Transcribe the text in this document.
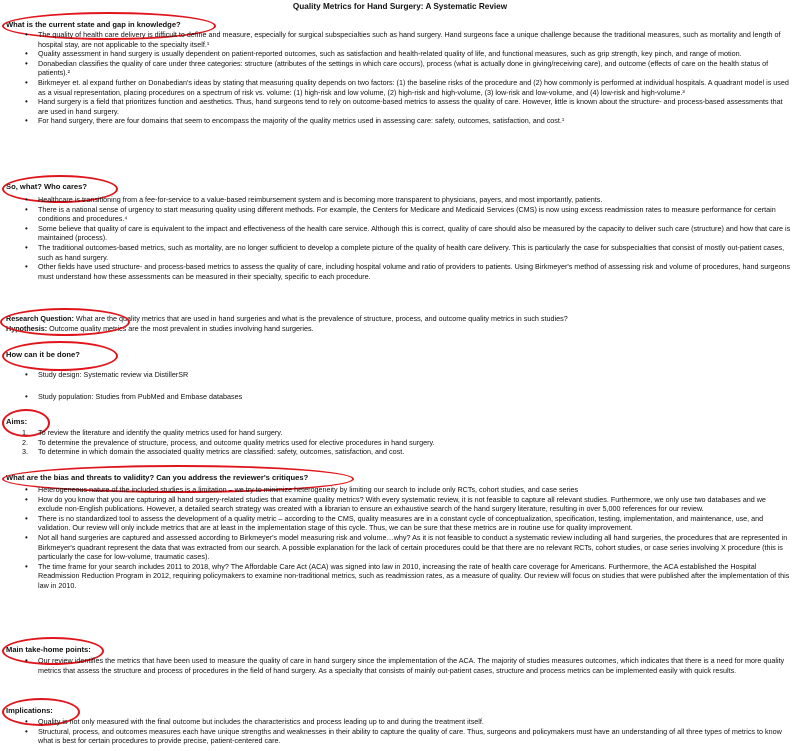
Quality Metrics for Hand Surgery: A Systematic Review
What is the current state and gap in knowledge?
• The quality of health care delivery is difficult to define and measure, especially for surgical subspecialties such as hand surgery. Hand surgeons face a unique challenge because the traditional measures, such as mortality and length of hospital stay, are not applicable to the specialty itself.¹
• Quality assessment in hand surgery is usually dependent on patient-reported outcomes, such as satisfaction and health-related quality of life, and functional measures, such as grip strength, key pinch, and range of motion.
• Donabedian classifies the quality of care under three categories: structure (attributes of the settings in which care occurs), process (what is actually done in giving/receiving care), and outcome (effects of care on the health status of patients).²
• Birkmeyer et. al expand further on Donabedian's ideas by stating that measuring quality depends on two factors: (1) the baseline risks of the procedure and (2) how commonly is performed at individual hospitals. A quadrant model is used as a visual representation, placing procedures on a spectrum of risk vs. volume: (1) high-risk and low volume, (2) high-risk and high-volume, (3) low-risk and low-volume, and (4) low-risk and high-volume.³
• Hand surgery is a field that prioritizes function and aesthetics. Thus, hand surgeons tend to rely on outcome-based metrics to assess the quality of care. However, little is known about the structure- and process-based assessments that are used in hand surgery.
• For hand surgery, there are four domains that seem to encompass the majority of the quality metrics used in assessing care: safety, outcomes, satisfaction, and cost.¹
So, what? Who cares?
• Healthcare is transitioning from a fee-for-service to a value-based reimbursement system and is becoming more transparent to physicians, payers, and most importantly, patients.
• There is a national sense of urgency to start measuring quality using different methods. For example, the Centers for Medicare and Medicaid Services (CMS) is now using excess readmission rates to measure performance for certain conditions and procedures.⁴
• Some believe that quality of care is equivalent to the impact and effectiveness of the health care service. Although this is correct, quality of care should also be measured by the capacity to deliver such care (structure) and how that care is maintained (process).
• The traditional outcomes-based metrics, such as mortality, are no longer sufficient to develop a complete picture of the quality of health care delivery. This is particularly the case for subspecialties that consist of mostly out-patient cases, such as hand surgery.
• Other fields have used structure- and process-based metrics to assess the quality of care, including hospital volume and ratio of providers to patients. Using Birkmeyer's method of assessing risk and volume of procedures, hand surgeons must understand how these assessments can be measured in their specialty, specific to each procedure.
Research Question: What are the quality metrics that are used in hand surgeries and what is the prevalence of structure, process, and outcome quality metrics in such studies?
Hypothesis: Outcome quality metrics are the most prevalent in studies involving hand surgeries.
How can it be done?
• Study design: Systematic review via DistillerSR
• Study population: Studies from PubMed and Embase databases
Aims:
1. To review the literature and identify the quality metrics used for hand surgery.
2. To determine the prevalence of structure, process, and outcome quality metrics used for elective procedures in hand surgery.
3. To determine in which domain the associated quality metrics are classified: safety, outcomes, satisfaction, and cost.
What are the bias and threats to validity? Can you address the reviewer's critiques?
• Heterogeneous nature of the included studies is a limitation – we try to minimize heterogeneity by limiting our search to include only RCTs, cohort studies, and case series
• How do you know that you are capturing all hand surgery-related studies that examine quality metrics? With every systematic review, it is not feasible to capture all relevant studies. Furthermore, we only use two databases and we exclude non-English publications. However, a detailed search strategy was created with a librarian to ensure an exhaustive search of the hand surgery literature, resulting in over 5,000 references for our review.
• There is no standardized tool to assess the development of a quality metric – according to the CMS, quality measures are in a constant cycle of conceptualization, specification, testing, implementation, and maintenance, use, and validation. Our review will only include metrics that are at least in the implementation stage of this cycle. Thus, we can be sure that these metrics are in routine use for quality improvement.
• Not all hand surgeries are captured and assessed according to Birkmeyer's model measuring risk and volume…why? As it is not feasible to conduct a systematic review including all hand surgeries, the procedures that are represented in Birkmeyer's quadrant represent the data that was extracted from our search. A possible explanation for the lack of certain procedures could be that there are no relevant RCTs, cohort studies, or case series involving X procedure (this is particularly the case for low-volume, traumatic cases).
• The time frame for your search includes 2011 to 2018, why? The Affordable Care Act (ACA) was signed into law in 2010, increasing the rate of health care coverage for Americans. Furthermore, the ACA established the Hospital Readmission Reduction Program in 2012, requiring policymakers to examine non-traditional metrics, such as readmission rates, as a measure of quality. Our review will focus on studies that were published after the implementation of this law in 2010.
Main take-home points:
• Our review identifies the metrics that have been used to measure the quality of care in hand surgery since the implementation of the ACA. The majority of studies measures outcomes, which indicates that there is a need for more quality metrics that assess the structure and process of procedures in the field of hand surgery. As a specialty that consists of mainly out-patient cases, structure and process metrics can be implemented easily with quick results.
Implications:
• Quality is not only measured with the final outcome but includes the characteristics and process leading up to and during the treatment itself.
• Structural, process, and outcomes measures each have unique strengths and weaknesses in their ability to capture the quality of care. Thus, surgeons and policymakers must have an understanding of all three types of metrics to know what is best for certain procedures to provide precise, patient-centered care.
